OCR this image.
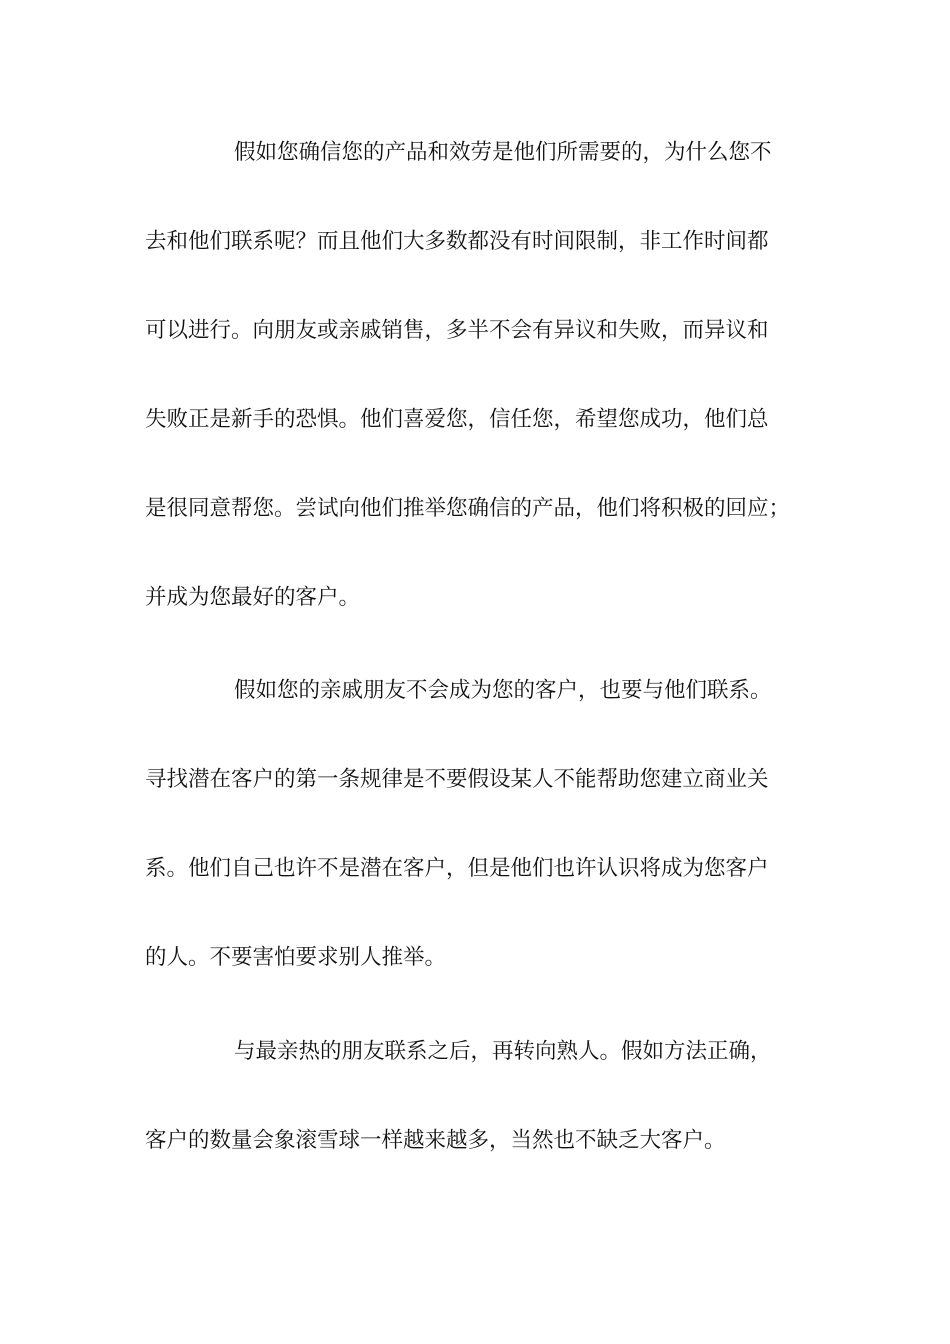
假如您确信您的产品和效劳是他们所需要的，为什么您不
去和他们联系呢？而且他们大多数都没有时间限制，非工作时间都
可以进行。向朋友或亲戚销售，多半不会有异议和失败，而异议和
失败正是新手的恐惧。他们喜爱您，信任您，希望您成功，他们总
是很同意帮您。尝试向他们推举您确信的产品，他们将积极的回应；
并成为您最好的客户。
假如您的亲戚朋友不会成为您的客户，也要与他们联系。
寻找潜在客户的第一条规律是不要假设某人不能帮助您建立商业关
系。他们自己也许不是潜在客户，但是他们也许认识将成为您客户
的人。不要害怕要求别人推举。
与最亲热的朋友联系之后，再转向熟人。假如方法正确，
客户的数量会象滚雪球一样越来越多，当然也不缺乏大客户。
